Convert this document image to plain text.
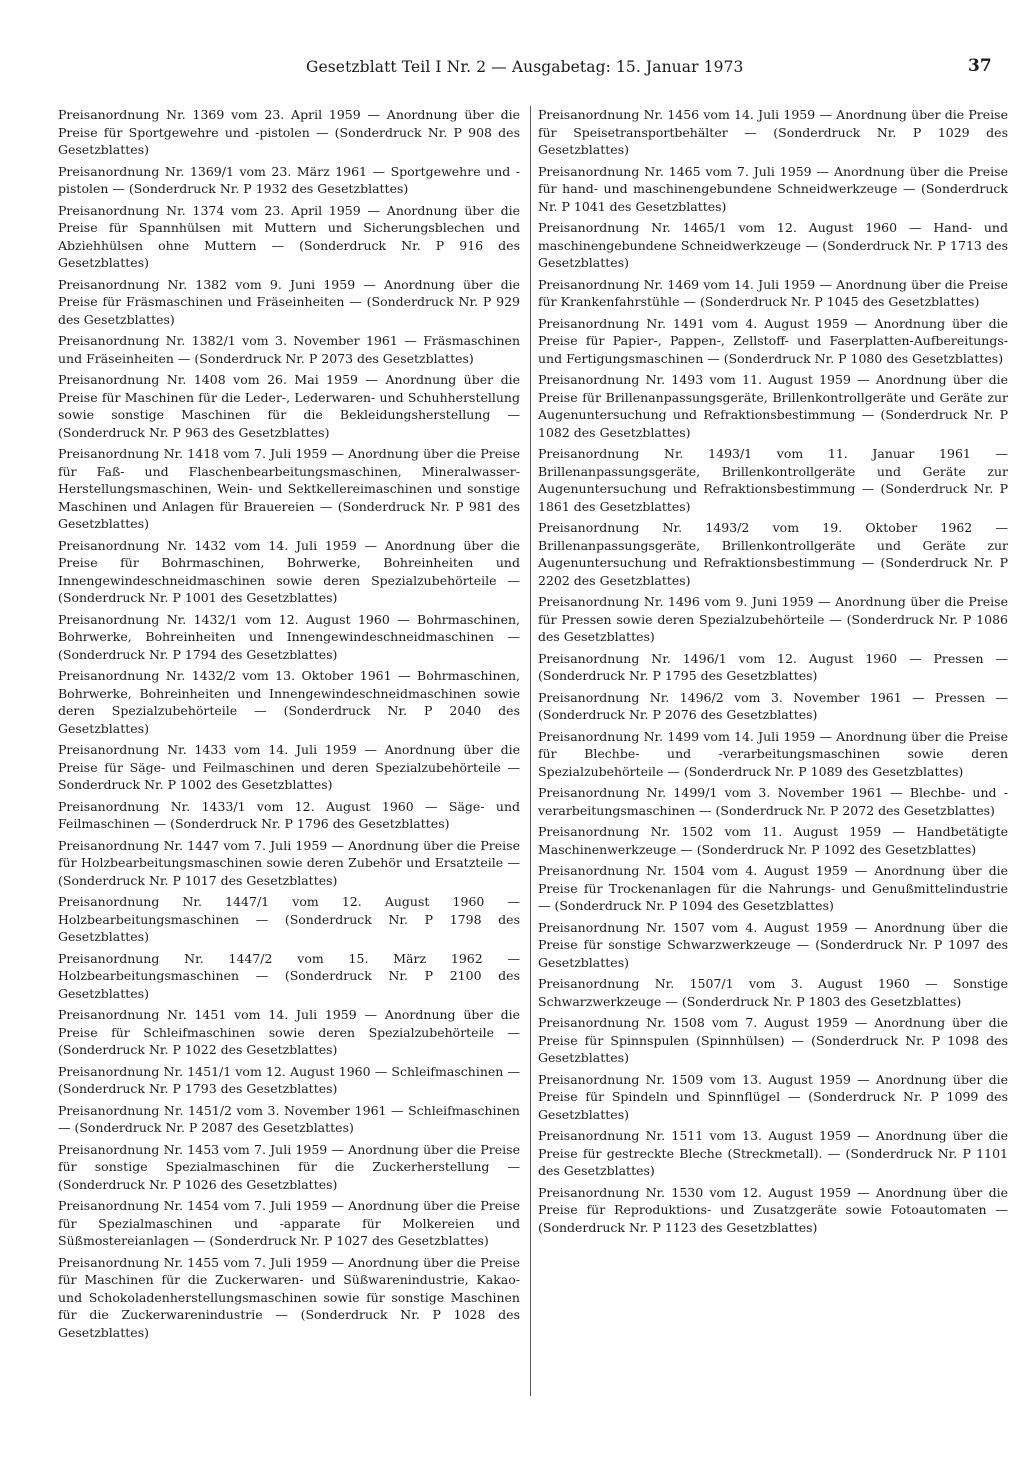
Gesetzblatt Teil I Nr. 2 — Ausgabetag: 15. Januar 1973	37

Preisanordnung Nr. 1369 vom 23. April 1959 — Anordnung über die Preise für Sportgewehre und -pistolen — (Sonderdruck Nr. P 908 des Gesetzblattes)

Preisanordnung Nr. 1369/1 vom 23. März 1961 — Sportgewehre und -pistolen — (Sonderdruck Nr. P 1932 des Gesetzblattes)

Preisanordnung Nr. 1374 vom 23. April 1959 — Anordnung über die Preise für Spannhülsen mit Muttern und Sicherungsblechen und Abziehhülsen ohne Muttern — (Sonderdruck Nr. P 916 des Gesetzblattes)

Preisanordnung Nr. 1382 vom 9. Juni 1959 — Anordnung über die Preise für Fräsmaschinen und Fräseinheiten — (Sonderdruck Nr. P 929 des Gesetzblattes)

Preisanordnung Nr. 1382/1 vom 3. November 1961 — Fräsmaschinen und Fräseinheiten — (Sonderdruck Nr. P 2073 des Gesetzblattes)

Preisanordnung Nr. 1408 vom 26. Mai 1959 — Anordnung über die Preise für Maschinen für die Leder-, Lederwaren- und Schuhherstellung sowie sonstige Maschinen für die Bekleidungsherstellung — (Sonderdruck Nr. P 963 des Gesetzblattes)

Preisanordnung Nr. 1418 vom 7. Juli 1959 — Anordnung über die Preise für Faß- und Flaschenbearbeitungsmaschinen, Mineralwasser-Herstellungsmaschinen, Wein- und Sektkellereimaschinen und sonstige Maschinen und Anlagen für Brauereien — (Sonderdruck Nr. P 981 des Gesetzblattes)

Preisanordnung Nr. 1432 vom 14. Juli 1959 — Anordnung über die Preise für Bohrmaschinen, Bohrwerke, Bohreinheiten und Innengewindeschneidmaschinen sowie deren Spezialzubehörteile — (Sonderdruck Nr. P 1001 des Gesetzblattes)

Preisanordnung Nr. 1432/1 vom 12. August 1960 — Bohrmaschinen, Bohrwerke, Bohreinheiten und Innengewindeschneidmaschinen — (Sonderdruck Nr. P 1794 des Gesetzblattes)

Preisanordnung Nr. 1432/2 vom 13. Oktober 1961 — Bohrmaschinen, Bohrwerke, Bohreinheiten und Innengewindeschneidmaschinen sowie deren Spezialzubehörteile — (Sonderdruck Nr. P 2040 des Gesetzblattes)

Preisanordnung Nr. 1433 vom 14. Juli 1959 — Anordnung über die Preise für Säge- und Feilmaschinen und deren Spezialzubehörteile — Sonderdruck Nr. P 1002 des Gesetzblattes)

Preisanordnung Nr. 1433/1 vom 12. August 1960 — Säge- und Feilmaschinen — (Sonderdruck Nr. P 1796 des Gesetzblattes)

Preisanordnung Nr. 1447 vom 7. Juli 1959 — Anordnung über die Preise für Holzbearbeitungsmaschinen sowie deren Zubehör und Ersatzteile — (Sonderdruck Nr. P 1017 des Gesetzblattes)

Preisanordnung Nr. 1447/1 vom 12. August 1960 — Holzbearbeitungsmaschinen — (Sonderdruck Nr. P 1798 des Gesetzblattes)

Preisanordnung Nr. 1447/2 vom 15. März 1962 — Holzbearbeitungsmaschinen — (Sonderdruck Nr. P 2100 des Gesetzblattes)

Preisanordnung Nr. 1451 vom 14. Juli 1959 — Anordnung über die Preise für Schleifmaschinen sowie deren Spezialzubehörteile — (Sonderdruck Nr. P 1022 des Gesetzblattes)

Preisanordnung Nr. 1451/1 vom 12. August 1960 — Schleifmaschinen — (Sonderdruck Nr. P 1793 des Gesetzblattes)

Preisanordnung Nr. 1451/2 vom 3. November 1961 — Schleifmaschinen — (Sonderdruck Nr. P 2087 des Gesetzblattes)

Preisanordnung Nr. 1453 vom 7. Juli 1959 — Anordnung über die Preise für sonstige Spezialmaschinen für die Zuckerherstellung — (Sonderdruck Nr. P 1026 des Gesetzblattes)

Preisanordnung Nr. 1454 vom 7. Juli 1959 — Anordnung über die Preise für Spezialmaschinen und -apparate für Molkereien und Süßmostereianlagen — (Sonderdruck Nr. P 1027 des Gesetzblattes)

Preisanordnung Nr. 1455 vom 7. Juli 1959 — Anordnung über die Preise für Maschinen für die Zuckerwaren- und Süßwarenindustrie, Kakao- und Schokoladenherstellungsmaschinen sowie für sonstige Maschinen für die Zuckerwarenindustrie — (Sonderdruck Nr. P 1028 des Gesetzblattes)

Preisanordnung Nr. 1456 vom 14. Juli 1959 — Anordnung über die Preise für Speisetransportbehälter — (Sonderdruck Nr. P 1029 des Gesetzblattes)

Preisanordnung Nr. 1465 vom 7. Juli 1959 — Anordnung über die Preise für hand- und maschinengebundene Schneidwerkzeuge — (Sonderdruck Nr. P 1041 des Gesetzblattes)

Preisanordnung Nr. 1465/1 vom 12. August 1960 — Hand- und maschinengebundene Schneidwerkzeuge — (Sonderdruck Nr. P 1713 des Gesetzblattes)

Preisanordnung Nr. 1469 vom 14. Juli 1959 — Anordnung über die Preise für Krankenfahrstühle — (Sonderdruck Nr. P 1045 des Gesetzblattes)

Preisanordnung Nr. 1491 vom 4. August 1959 — Anordnung über die Preise für Papier-, Pappen-, Zellstoff- und Faserplatten-Aufbereitungs- und Fertigungsmaschinen — (Sonderdruck Nr. P 1080 des Gesetzblattes)

Preisanordnung Nr. 1493 vom 11. August 1959 — Anordnung über die Preise für Brillenanpassungsgeräte, Brillenkontrollgeräte und Geräte zur Augenuntersuchung und Refraktionsbestimmung — (Sonderdruck Nr. P 1082 des Gesetzblattes)

Preisanordnung Nr. 1493/1 vom 11. Januar 1961 — Brillenanpassungsgeräte, Brillenkontrollgeräte und Geräte zur Augenuntersuchung und Refraktionsbestimmung — (Sonderdruck Nr. P 1861 des Gesetzblattes)

Preisanordnung Nr. 1493/2 vom 19. Oktober 1962 — Brillenanpassungsgeräte, Brillenkontrollgeräte und Geräte zur Augenuntersuchung und Refraktionsbestimmung — (Sonderdruck Nr. P 2202 des Gesetzblattes)

Preisanordnung Nr. 1496 vom 9. Juni 1959 — Anordnung über die Preise für Pressen sowie deren Spezialzubehörteile — (Sonderdruck Nr. P 1086 des Gesetzblattes)

Preisanordnung Nr. 1496/1 vom 12. August 1960 — Pressen — (Sonderdruck Nr. P 1795 des Gesetzblattes)

Preisanordnung Nr. 1496/2 vom 3. November 1961 — Pressen — (Sonderdruck Nr. P 2076 des Gesetzblattes)

Preisanordnung Nr. 1499 vom 14. Juli 1959 — Anordnung über die Preise für Blechbe- und -verarbeitungsmaschinen sowie deren Spezialzubehörteile — (Sonderdruck Nr. P 1089 des Gesetzblattes)

Preisanordnung Nr. 1499/1 vom 3. November 1961 — Blechbe- und -verarbeitungsmaschinen — (Sonderdruck Nr. P 2072 des Gesetzblattes)

Preisanordnung Nr. 1502 vom 11. August 1959 — Handbetätigte Maschinenwerkzeuge — (Sonderdruck Nr. P 1092 des Gesetzblattes)

Preisanordnung Nr. 1504 vom 4. August 1959 — Anordnung über die Preise für Trockenanlagen für die Nahrungs- und Genußmittelindustrie — (Sonderdruck Nr. P 1094 des Gesetzblattes)

Preisanordnung Nr. 1507 vom 4. August 1959 — Anordnung über die Preise für sonstige Schwarzwerkzeuge — (Sonderdruck Nr. P 1097 des Gesetzblattes)

Preisanordnung Nr. 1507/1 vom 3. August 1960 — Sonstige Schwarzwerkzeuge — (Sonderdruck Nr. P 1803 des Gesetzblattes)

Preisanordnung Nr. 1508 vom 7. August 1959 — Anordnung über die Preise für Spinnspulen (Spinnhülsen) — (Sonderdruck Nr. P 1098 des Gesetzblattes)

Preisanordnung Nr. 1509 vom 13. August 1959 — Anordnung über die Preise für Spindeln und Spinnflügel — (Sonderdruck Nr. P 1099 des Gesetzblattes)

Preisanordnung Nr. 1511 vom 13. August 1959 — Anordnung über die Preise für gestreckte Bleche (Streckmetall). — (Sonderdruck Nr. P 1101 des Gesetzblattes)

Preisanordnung Nr. 1530 vom 12. August 1959 — Anordnung über die Preise für Reproduktions- und Zusatzgeräte sowie Fotoautomaten — (Sonderdruck Nr. P 1123 des Gesetzblattes)
